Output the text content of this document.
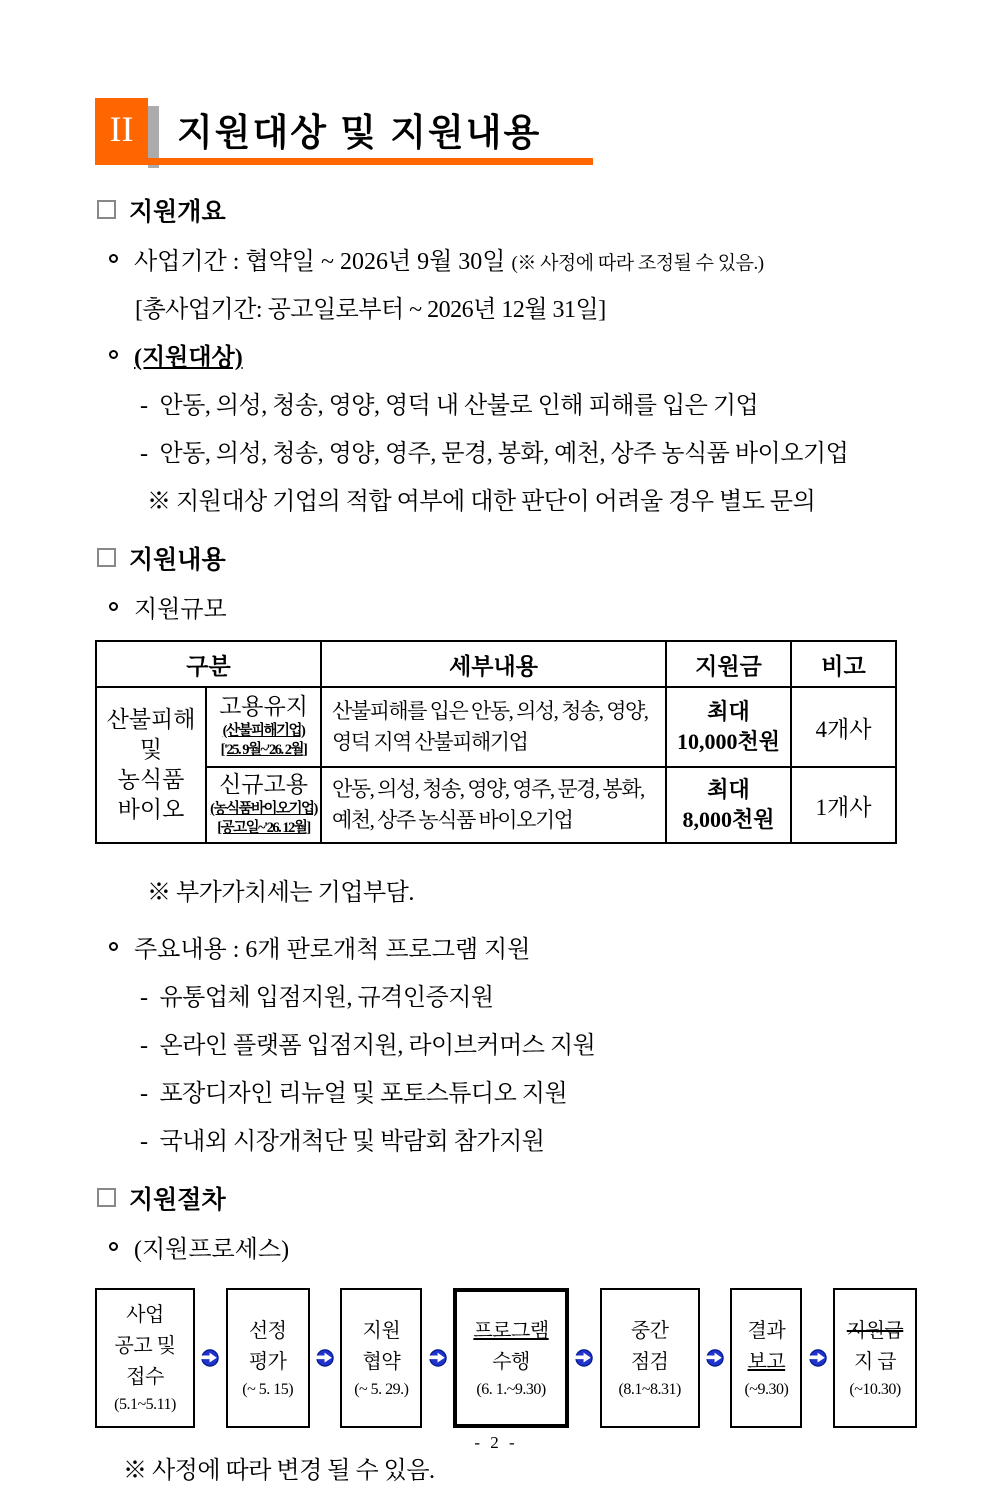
II 지원대상 및 지원내용
지원개요
사업기간 : 협약일 ~ 2026년 9월 30일 (※ 사정에 따라 조정될 수 있음.)
[총사업기간: 공고일로부터 ~ 2026년 12월 31일]
(지원대상)
- 안동, 의성, 청송, 영양, 영덕 내 산불로 인해 피해를 입은 기업
- 안동, 의성, 청송, 영양, 영주, 문경, 봉화, 예천, 상주 농식품 바이오기업
※ 지원대상 기업의 적합 여부에 대한 판단이 어려울 경우 별도 문의
지원내용
지원규모
구분		세부내용	지원금	비고

산불피해
및
농식품
바이오	고용유지
(산불피해기업)
['25. 9월~'26. 2월]	산불피해를 입은 안동, 의성, 청송, 영양, 영덕 지역 산불피해기업	최대
10,000천원	4개사

	신규고용
(농식품바이오기업)
[공고일~'26. 12월]	안동, 의성, 청송, 영양, 영주, 문경, 봉화, 예천, 상주 농식품 바이오기업	최대
8,000천원	1개사
※ 부가가치세는 기업부담.
주요내용 : 6개 판로개척 프로그램 지원
- 유통업체 입점지원, 규격인증지원
- 온라인 플랫폼 입점지원, 라이브커머스 지원
- 포장디자인 리뉴얼 및 포토스튜디오 지원
- 국내외 시장개척단 및 박람회 참가지원
지원절차
(지원프로세스)
사업
공고 및
접수
(5.1~5.11)
선정
평가
(~ 5. 15)
지원
협약
(~ 5. 29.)
프로그램
수행
(6. 1.~9.30)
중간
점검
(8.1~8.31)
결과
보고
(~9.30)
지원금
지 급
(~10.30)
※ 사정에 따라 변경 될 수 있음.
- 2 -
